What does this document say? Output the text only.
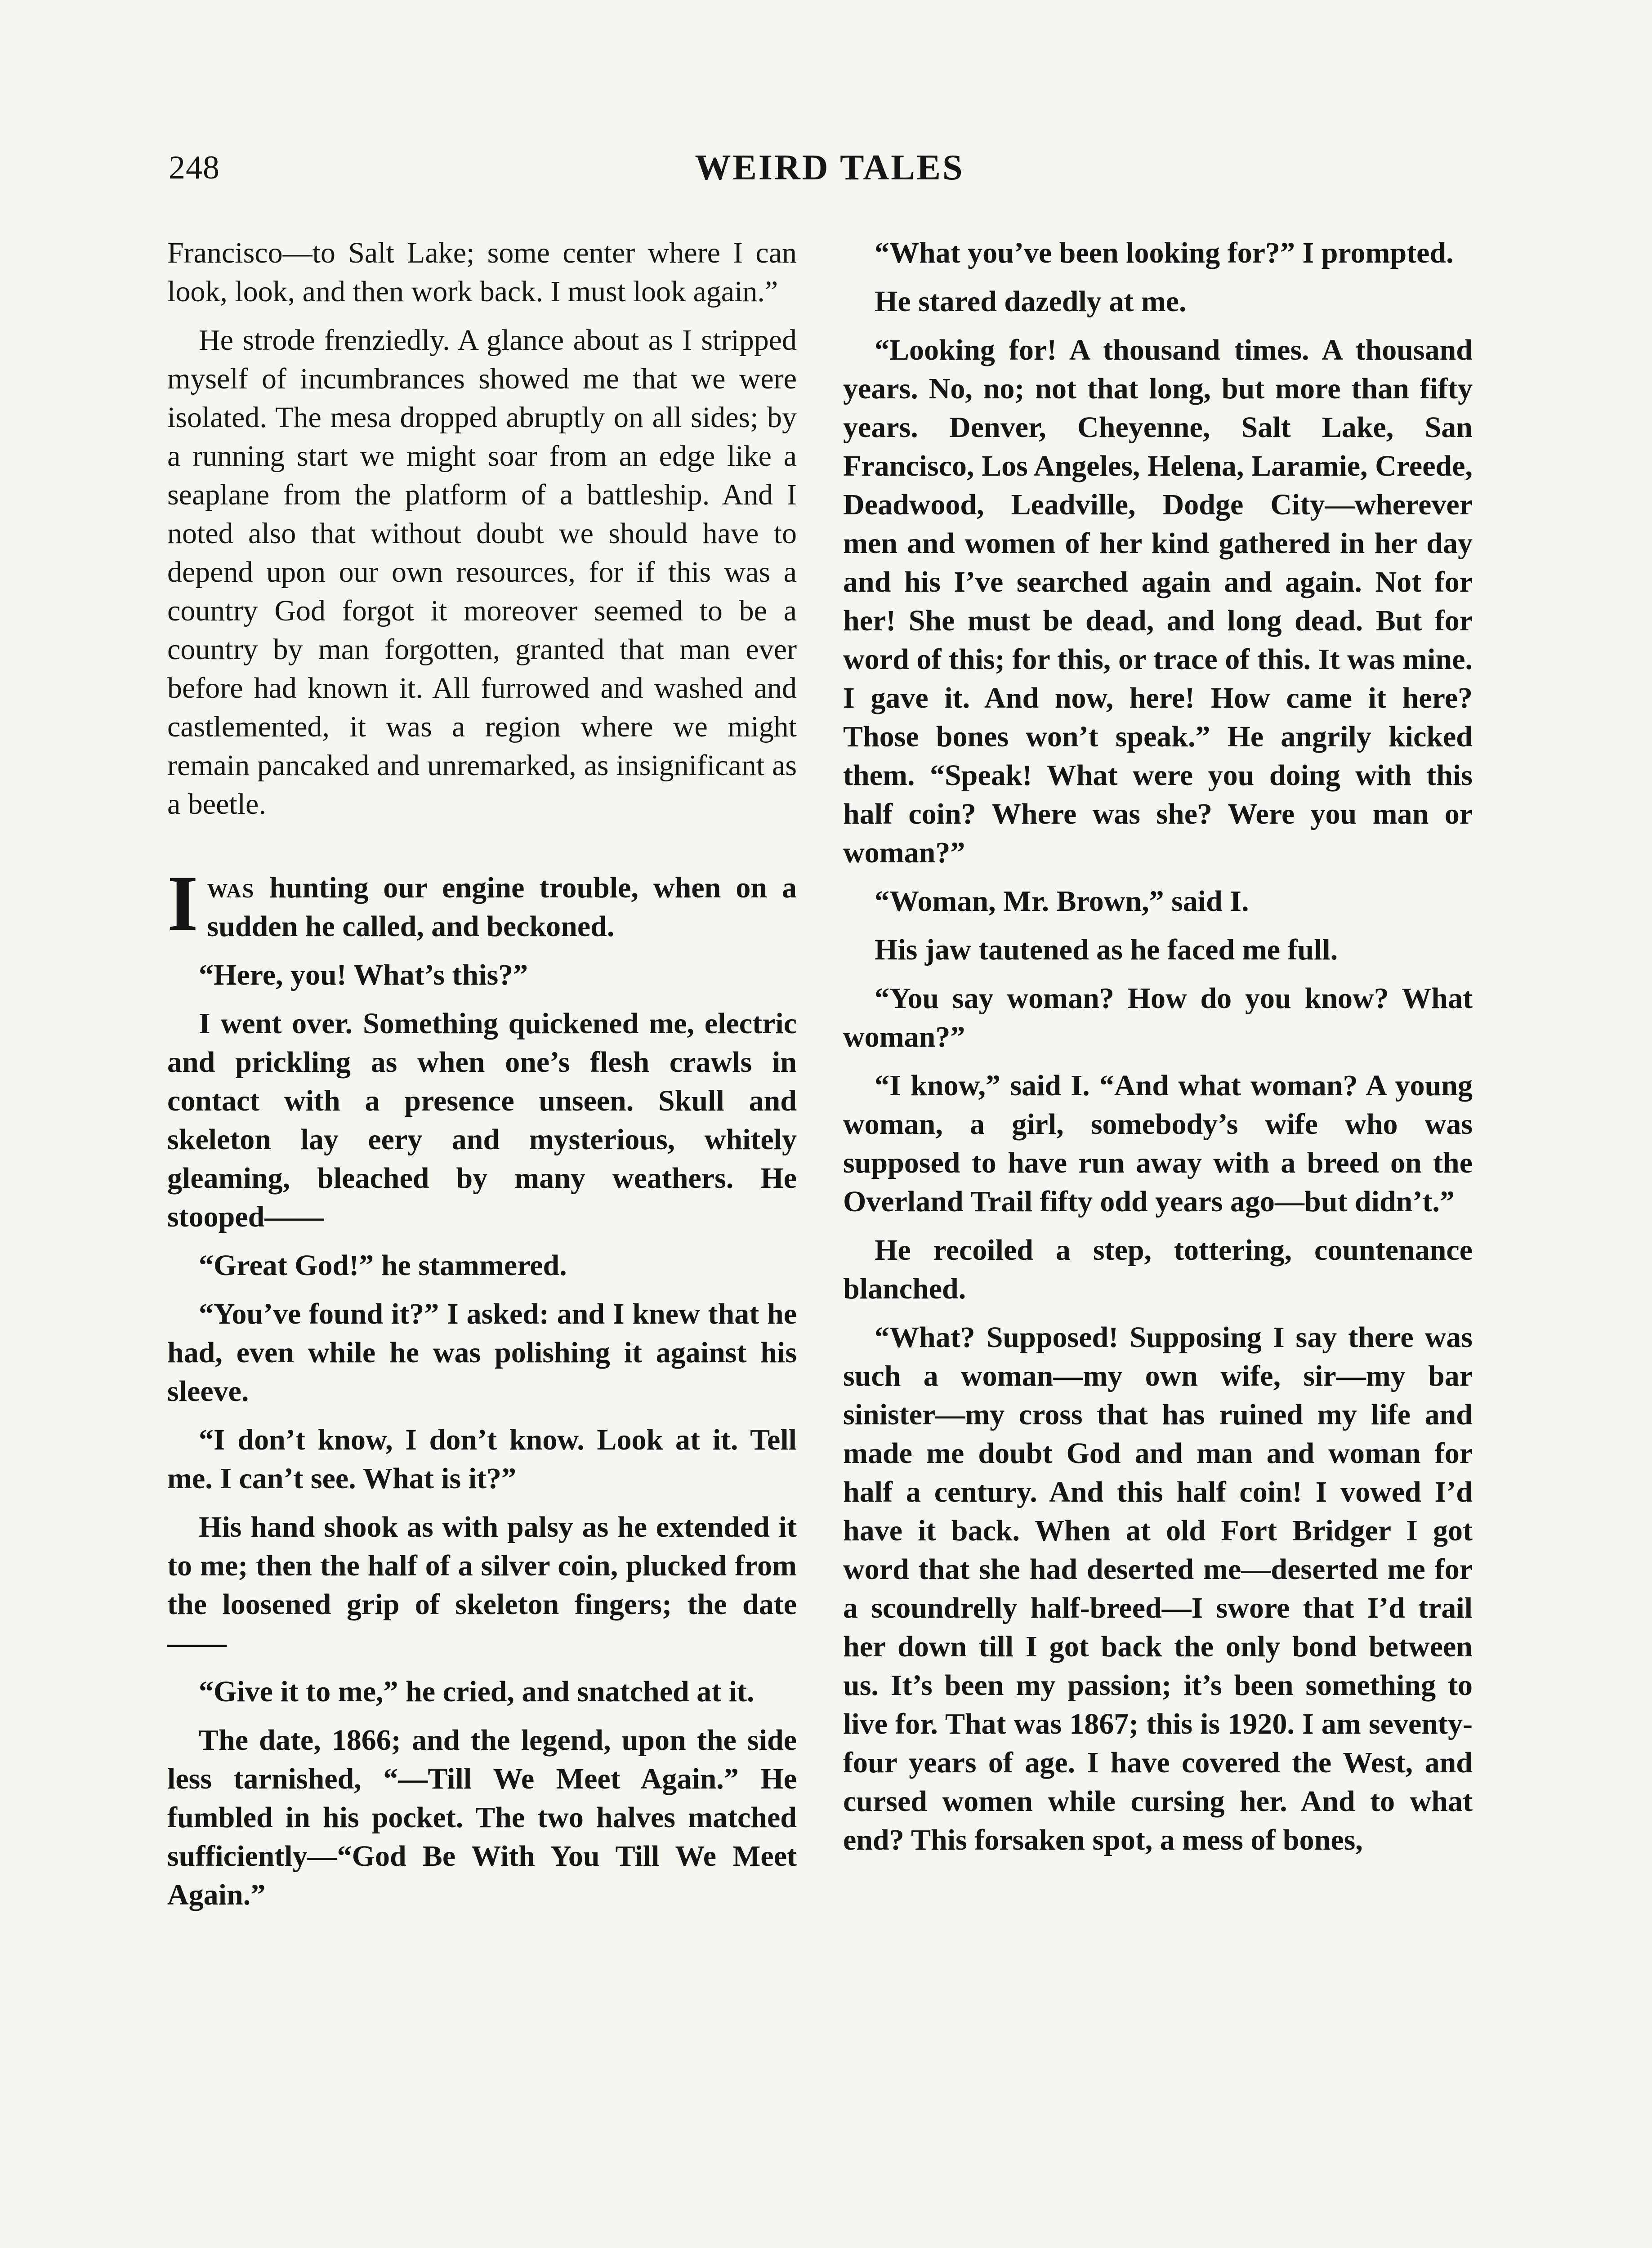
248	WEIRD TALES

Francisco—to Salt Lake; some center where I can look, look, and then work back. I must look again.”

He strode frenziedly. A glance about as I stripped myself of incumbrances showed me that we were isolated. The mesa dropped abruptly on all sides; by a running start we might soar from an edge like a seaplane from the platform of a battleship. And I noted also that without doubt we should have to depend upon our own resources, for if this was a country God forgot it moreover seemed to be a country by man forgotten, granted that man ever before had known it. All furrowed and washed and castlemented, it was a region where we might remain pancaked and unremarked, as insignificant as a beetle.

Iwas hunting our engine trouble, when on a sudden he called, and beckoned.

“Here, you! What’s this?”

I went over. Something quickened me, electric and prickling as when one’s flesh crawls in contact with a presence unseen. Skull and skeleton lay eery and mysterious, whitely gleaming, bleached by many weathers. He stooped——

“Great God!” he stammered.

“You’ve found it?” I asked: and I knew that he had, even while he was polishing it against his sleeve.

“I don’t know, I don’t know. Look at it. Tell me. I can’t see. What is it?”

His hand shook as with palsy as he extended it to me; then the half of a silver coin, plucked from the loosened grip of skeleton fingers; the date——

“Give it to me,” he cried, and snatched at it.

The date, 1866; and the legend, upon the side less tarnished, “—Till We Meet Again.” He fumbled in his pocket. The two halves matched sufficiently—“God Be With You Till We Meet Again.”

“What you’ve been looking for?” I prompted.

He stared dazedly at me.

“Looking for! A thousand times. A thousand years. No, no; not that long, but more than fifty years. Denver, Cheyenne, Salt Lake, San Francisco, Los Angeles, Helena, Laramie, Creede, Deadwood, Leadville, Dodge City—wherever men and women of her kind gathered in her day and his I’ve searched again and again. Not for her! She must be dead, and long dead. But for word of this; for this, or trace of this. It was mine. I gave it. And now, here! How came it here? Those bones won’t speak.” He angrily kicked them. “Speak! What were you doing with this half coin? Where was she? Were you man or woman?”

“Woman, Mr. Brown,” said I.

His jaw tautened as he faced me full.

“You say woman? How do you know? What woman?”

“I know,” said I. “And what woman? A young woman, a girl, somebody’s wife who was supposed to have run away with a breed on the Overland Trail fifty odd years ago—but didn’t.”

He recoiled a step, tottering, countenance blanched.

“What? Supposed! Supposing I say there was such a woman—my own wife, sir—my bar sinister—my cross that has ruined my life and made me doubt God and man and woman for half a century. And this half coin! I vowed I’d have it back. When at old Fort Bridger I got word that she had deserted me—deserted me for a scoundrelly half-breed—I swore that I’d trail her down till I got back the only bond between us. It’s been my passion; it’s been something to live for. That was 1867; this is 1920. I am seventy-four years of age. I have covered the West, and cursed women while cursing her. And to what end? This forsaken spot, a mess of bones,
